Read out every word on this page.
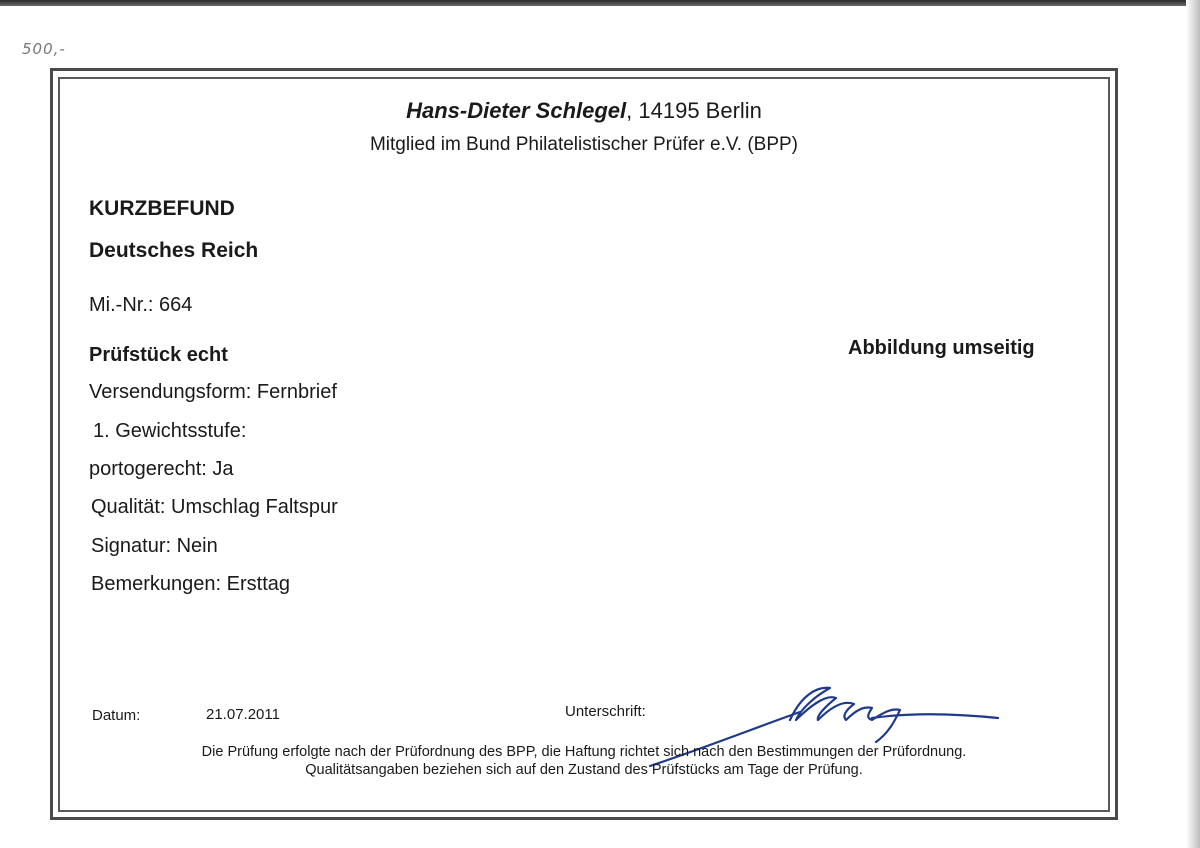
500,-
Hans-Dieter Schlegel, 14195 Berlin
Mitglied im Bund Philatelistischer Prüfer e.V. (BPP)
KURZBEFUND
Deutsches Reich
Mi.-Nr.: 664
Prüfstück echt	Abbildung umseitig
Versendungsform: Fernbrief
1. Gewichtsstufe:
portogerecht: Ja
Qualität: Umschlag Faltspur
Signatur: Nein
Bemerkungen: Ersttag
Datum:	21.07.2011	Unterschrift:
Die Prüfung erfolgte nach der Prüfordnung des BPP, die Haftung richtet sich nach den Bestimmungen der Prüfordnung.
Qualitätsangaben beziehen sich auf den Zustand des Prüfstücks am Tage der Prüfung.
